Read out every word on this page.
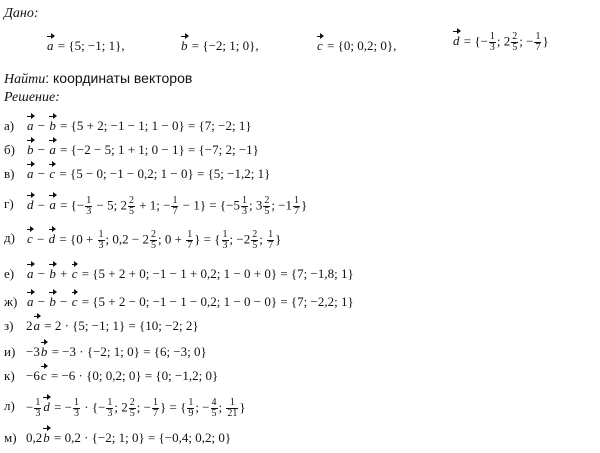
Дано:
a = {5; −1; 1},	b = {−2; 1; 0},	c = {0; 0,2; 0},	d = {− $\frac{1}{3}$ ; $2 \frac{2}{5}$ ; − $\frac{1}{7}$ }
Найти: координаты векторов
Решение:
а) a − b = {5 + 2; −1 − 1; 1 − 0} = {7; −2; 1}
б) b − a = {−2 − 5; 1 + 1; 0 − 1} = {−7; 2; −1}
в) a − c = {5 − 0; −1 − 0,2; 1 − 0} = {5; −1,2; 1}
г)	d − a = {− $\frac{1}{3} - 5$; $2 \frac{2}{5} + 1$; − $\frac{1}{7} - 1\} = \{-5 \frac{1}{3}$ ; $3 \frac{2}{5}$ ; $-1 \frac{1}{7}$ }
д) $c - d = \{0 + \frac{1}{3}$ ; $0,2 - 2 \frac{2}{5}$ ; $0 + \frac{1}{7}$ } = { $\frac{1}{3}$ ; $-2 \frac{2}{5}$ ; $\frac{1}{7}$ }
е) a − b + c = {5 + 2 + 0; −1 − 1 + 0,2; 1 − 0 + 0} = {7; −1,8; 1}
ж) a − b − c = {5 + 2 − 0; −1 − 1 − 0,2; 1 − 0 − 0} = {7; −2,2; 1}
з) 2a = 2 · {5; −1; 1} = {10; −2; 2}
и) −3b = −3 · {−2; 1; 0} = {6; −3; 0}
к) −6c = −6 · {0; 0,2; 0} = {0; −1,2; 0}
$л) - \frac{1}{3}$ d = − $\frac{1}{3}$ · {− $\frac{1}{3}$ ; $2 \frac{2}{5}$ ; − $\frac{1}{7}$ } = { $\frac{1}{9}$ ; − $\frac{4}{5}$ ; $\frac{1}{21}$ }
м) 0,2b = 0,2 · {−2; 1; 0} = {−0,4; 0,2; 0}
